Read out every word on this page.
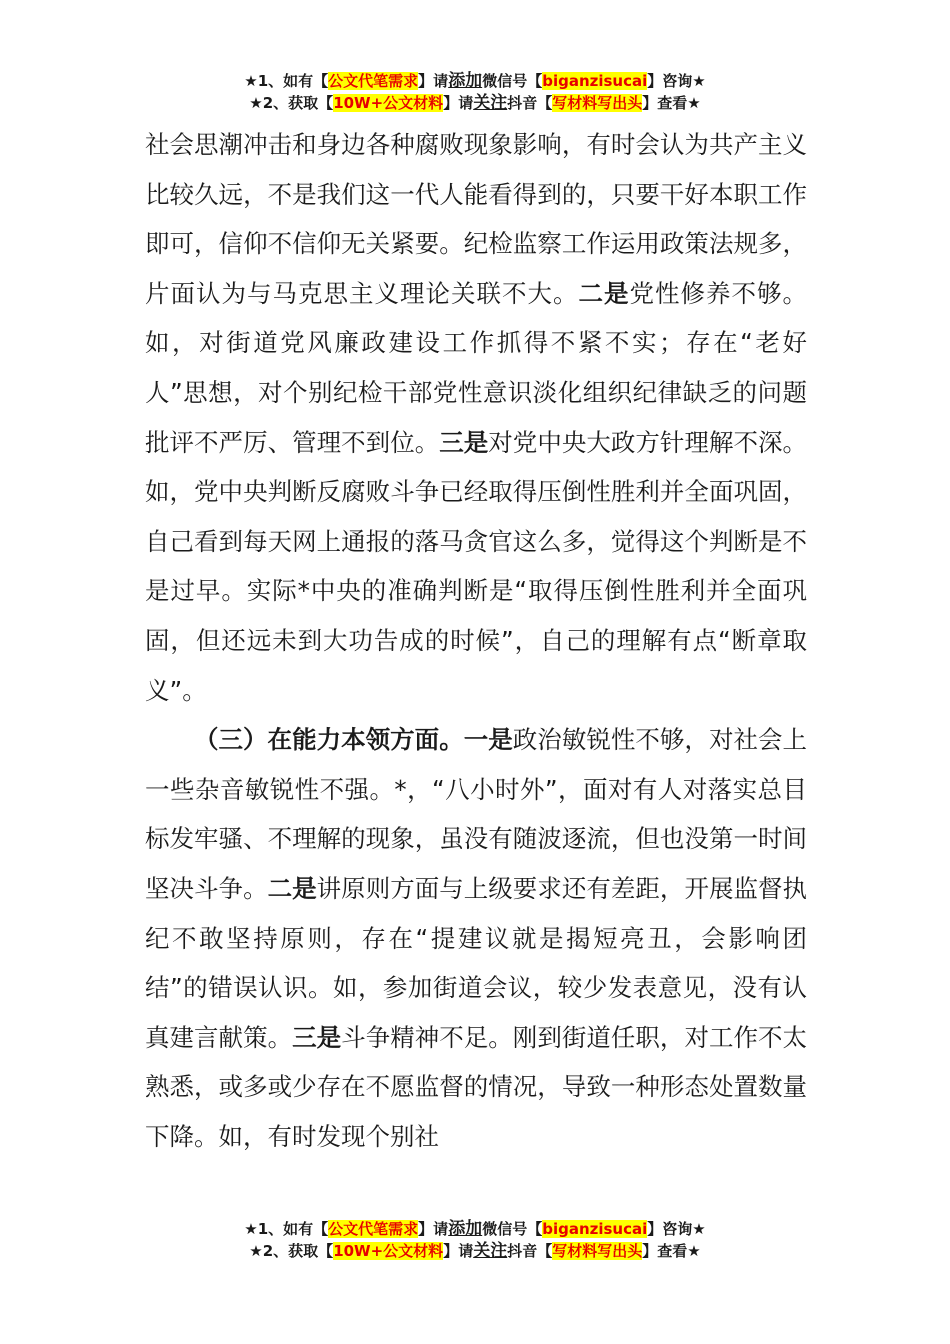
★1、如有【公文代笔需求】请添加微信号【biganzisucai】咨询★
★2、获取【10W+公文材料】请关注抖音【写材料写出头】查看★

社会思潮冲击和身边各种腐败现象影响，有时会认为共产主义比较久远，不是我们这一代人能看得到的，只要干好本职工作即可，信仰不信仰无关紧要。纪检监察工作运用政策法规多，片面认为与马克思主义理论关联不大。二是党性修养不够。如，对街道党风廉政建设工作抓得不紧不实；存在“老好人”思想，对个别纪检干部党性意识淡化组织纪律缺乏的问题批评不严厉、管理不到位。三是对党中央大政方针理解不深。如，党中央判断反腐败斗争已经取得压倒性胜利并全面巩固，自己看到每天网上通报的落马贪官这么多，觉得这个判断是不是过早。实际*中央的准确判断是“取得压倒性胜利并全面巩固，但还远未到大功告成的时候”，自己的理解有点“断章取义”。

（三）在能力本领方面。一是政治敏锐性不够，对社会上一些杂音敏锐性不强。*，“八小时外”，面对有人对落实总目标发牢骚、不理解的现象，虽没有随波逐流，但也没第一时间坚决斗争。二是讲原则方面与上级要求还有差距，开展监督执纪不敢坚持原则，存在“提建议就是揭短亮丑，会影响团结”的错误认识。如，参加街道会议，较少发表意见，没有认真建言献策。三是斗争精神不足。刚到街道任职，对工作不太熟悉，或多或少存在不愿监督的情况，导致一种形态处置数量下降。如，有时发现个别社

★1、如有【公文代笔需求】请添加微信号【biganzisucai】咨询★
★2、获取【10W+公文材料】请关注抖音【写材料写出头】查看★
